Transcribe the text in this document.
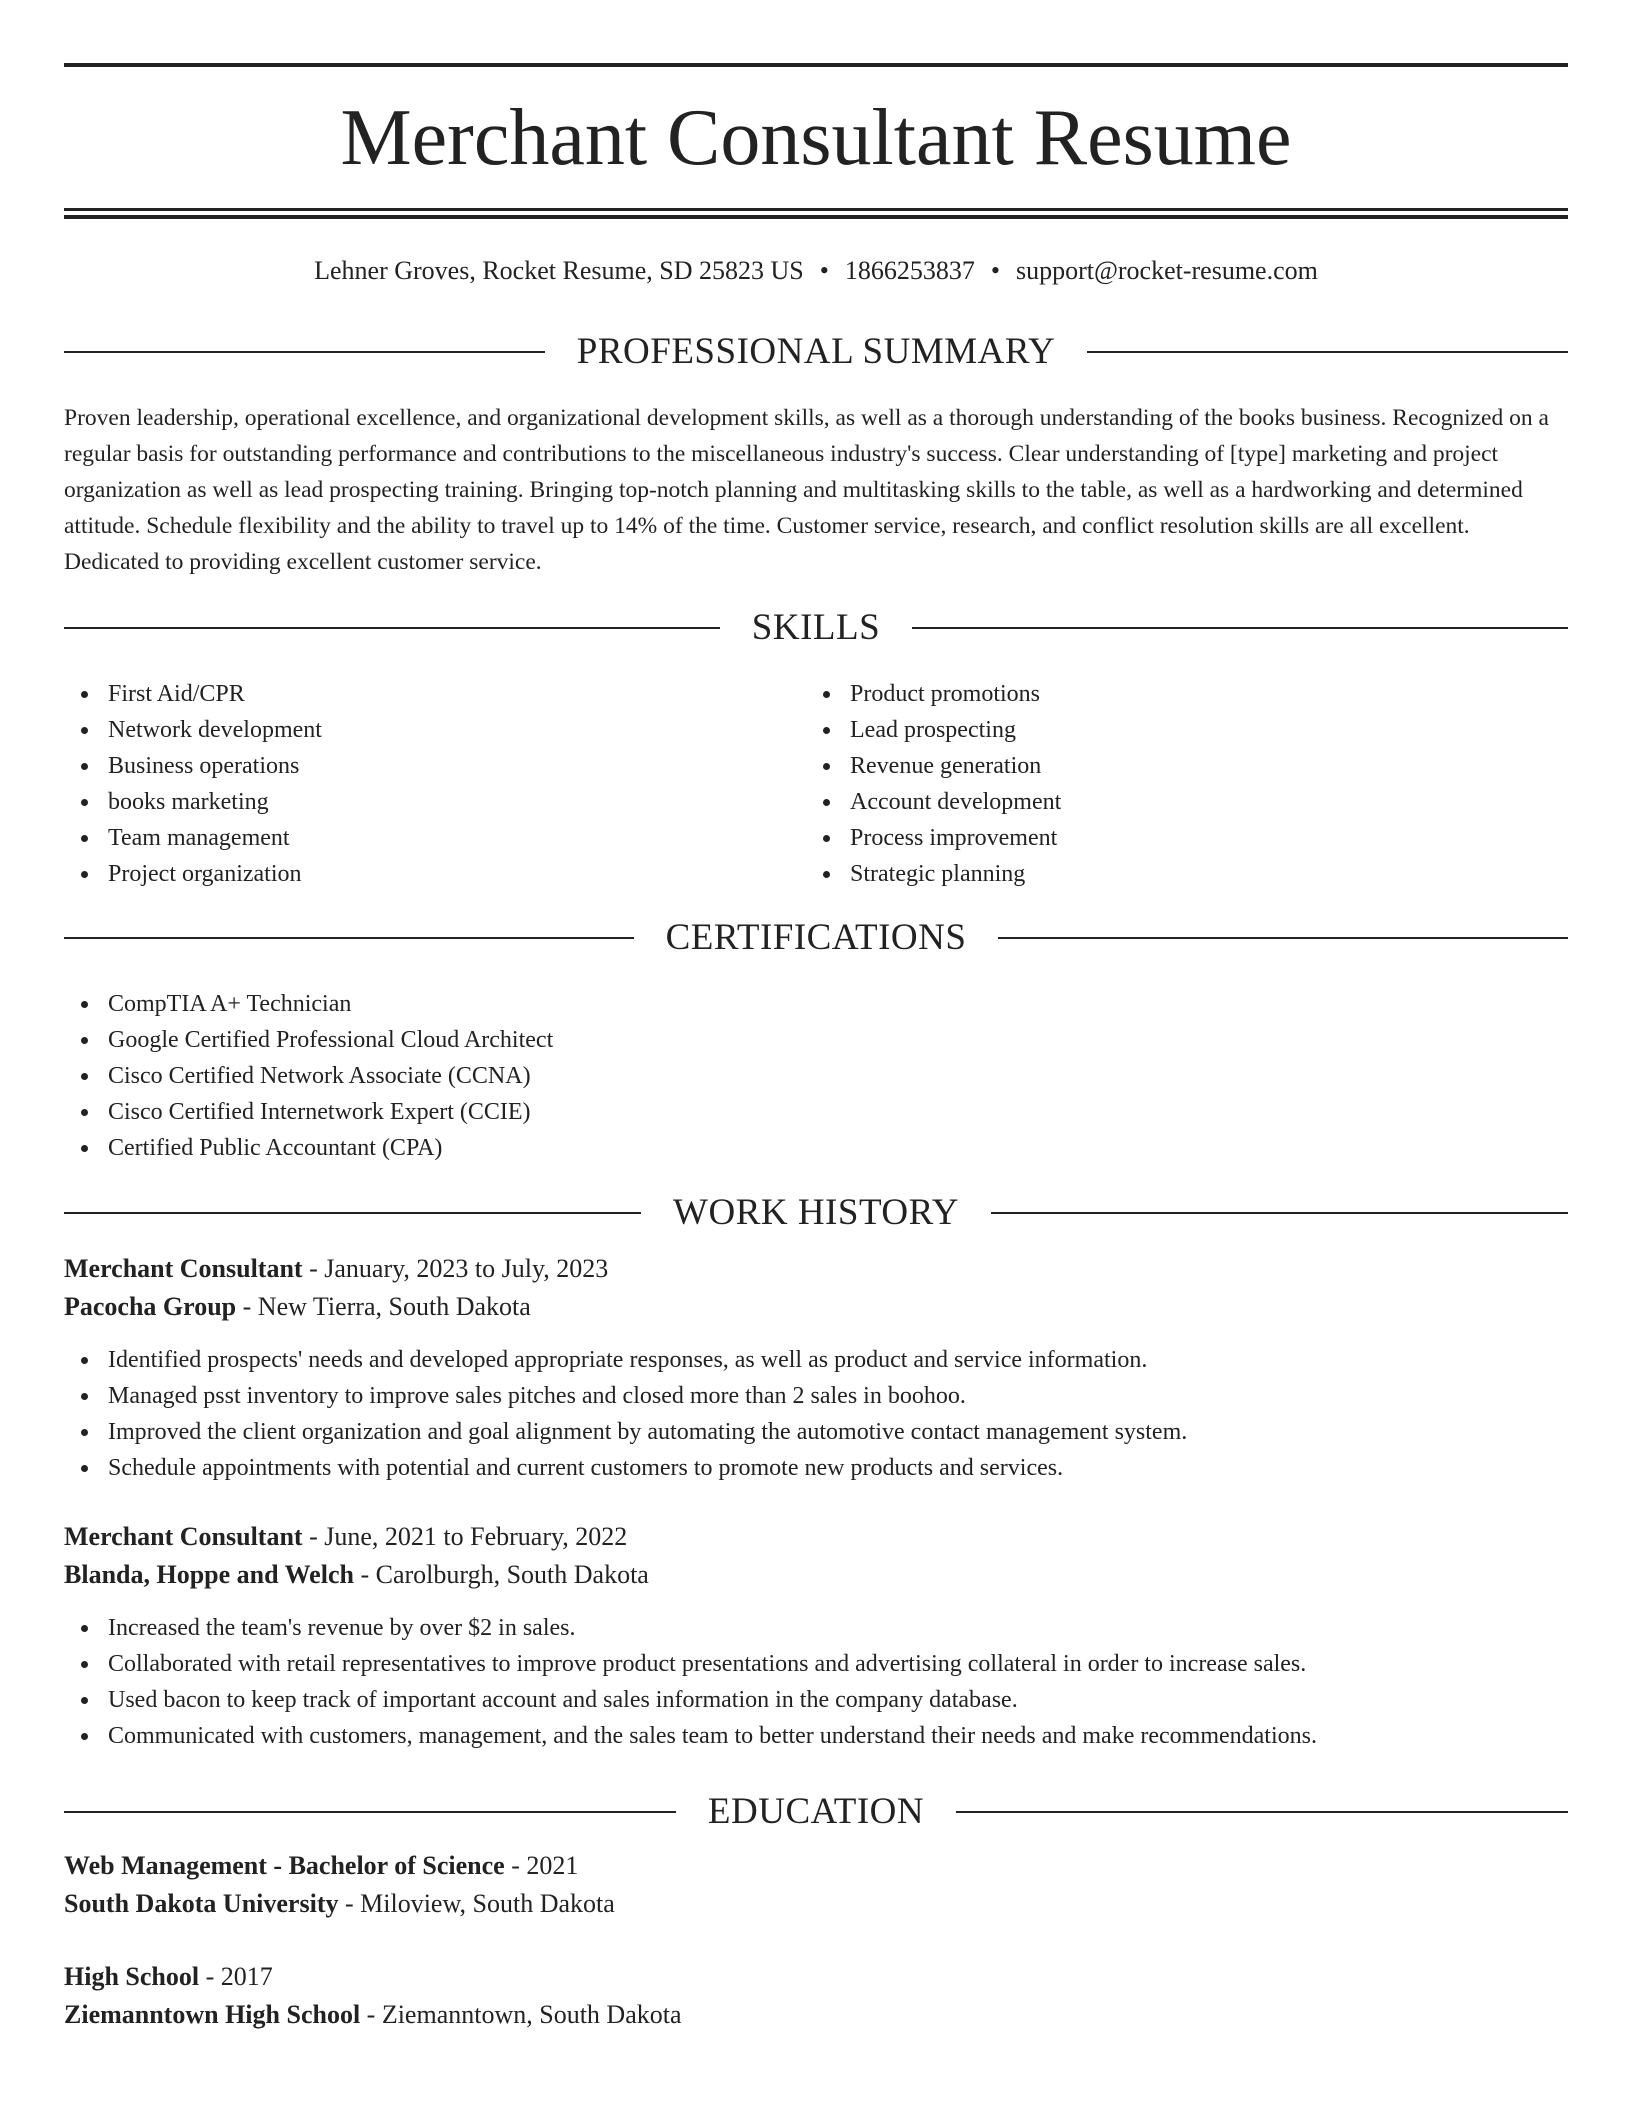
Merchant Consultant Resume
Lehner Groves, Rocket Resume, SD 25823 US • 1866253837 • support@rocket-resume.com
PROFESSIONAL SUMMARY

Proven leadership, operational excellence, and organizational development skills, as well as a thorough understanding of the books business. Recognized on a regular basis for outstanding performance and contributions to the miscellaneous industry's success. Clear understanding of [type] marketing and project organization as well as lead prospecting training. Bringing top-notch planning and multitasking skills to the table, as well as a hardworking and determined attitude. Schedule flexibility and the ability to travel up to 14% of the time. Customer service, research, and conflict resolution skills are all excellent. Dedicated to providing excellent customer service.

SKILLS
First Aid/CPR
Network development
Business operations
books marketing
Team management
Project organization
Product promotions
Lead prospecting
Revenue generation
Account development
Process improvement
Strategic planning
CERTIFICATIONS
CompTIA A+ Technician
Google Certified Professional Cloud Architect
Cisco Certified Network Associate (CCNA)
Cisco Certified Internetwork Expert (CCIE)
Certified Public Accountant (CPA)
WORK HISTORY
Merchant Consultant - January, 2023 to July, 2023
Pacocha Group - New Tierra, South Dakota
Identified prospects' needs and developed appropriate responses, as well as product and service information.
Managed psst inventory to improve sales pitches and closed more than 2 sales in boohoo.
Improved the client organization and goal alignment by automating the automotive contact management system.
Schedule appointments with potential and current customers to promote new products and services.
Merchant Consultant - June, 2021 to February, 2022
Blanda, Hoppe and Welch - Carolburgh, South Dakota
Increased the team's revenue by over $2 in sales.
Collaborated with retail representatives to improve product presentations and advertising collateral in order to increase sales.
Used bacon to keep track of important account and sales information in the company database.
Communicated with customers, management, and the sales team to better understand their needs and make recommendations.
EDUCATION
Web Management - Bachelor of Science - 2021
South Dakota University - Miloview, South Dakota
High School - 2017
Ziemanntown High School - Ziemanntown, South Dakota
